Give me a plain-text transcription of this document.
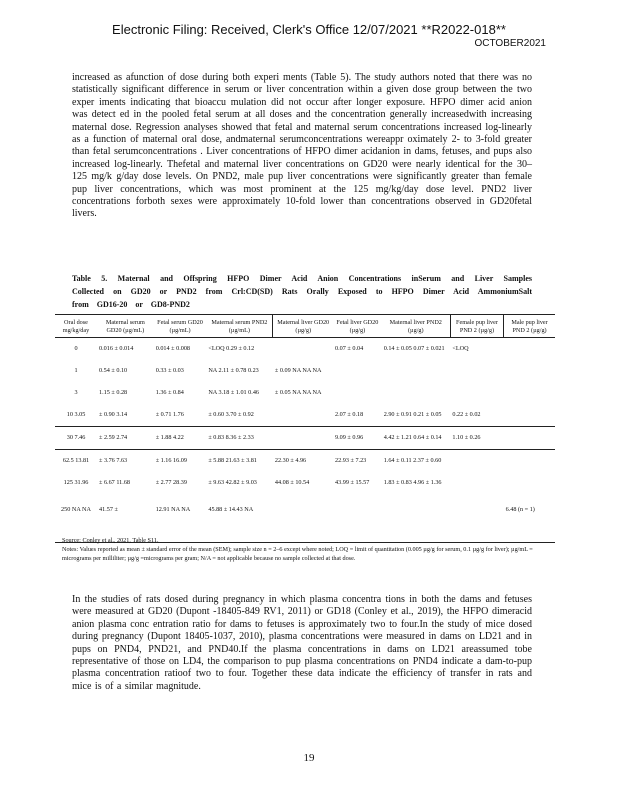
Electronic Filing: Received, Clerk's Office 12/07/2021 **R2022-018**
OCTOBER2021
increased as afunction of dose during both experi ments (Table 5). The study authors noted that there was no statistically significant difference in serum or liver concentration within a given dose group between the two exper iments indicating that bioaccu mulation did not occur after longer exposure. HFPO dimer acid anion was detect ed in the pooled fetal serum at all doses and the concentration generally increasedwith increasing maternal dose. Regression analyses showed that fetal and maternal serum concentrations increased log-linearly as a function of maternal oral dose, andmaternal serumconcentrations wereappr oximately 2- to 3-fold greater than fetal serumconcentrations . Liver concentrations of HFPO dimer acidanion in dams, fetuses, and pups also increased log-linearly. Thefetal and maternal liver concentrations on GD20 were nearly identical for the 30–125 mg/k g/day dose levels. On PND2, male pup liver concentrations were significantly greater than female pup liver concentrations, which was most prominent at the 125 mg/kg/day dose level. PND2 liver concentrations forboth sexes were approximately 10-fold lower than concentrations observed in GD20fetal livers.
Table 5. Maternal and Offspring HFPO Dimer Acid Anion Concentrations inSerum and Liver Samples Collected on GD20 or PND2 from Crl:CD(SD) Rats Orally Exposed to HFPO Dimer Acid AmmoniumSalt from GD16-20 or GD8-PND2
Oral dose mg/kg/day	Maternal serum GD20 (µg/mL)	Fetal serum GD20 (µg/mL)	Maternal serum PND2 (µg/mL)	Maternal liver GD20 (µg/g)	Fetal liver GD20 (µg/g)	Maternal liver PND2 (µg/g)	Female pup liver PND 2 (µg/g)	Male pup liver PND 2 (µg/g)
0	0.016 ± 0.014	0.014 ± 0.008	<LOQ 0.29 ± 0.12		0.07 ± 0.04	0.14 ± 0.05 0.07 ± 0.021	<LOQ	
1	0.54 ± 0.10	0.33 ± 0.03	NA 2.11 ± 0.78 0.23	± 0.09 NA NA NA				
3	1.15 ± 0.28	1.36 ± 0.84	NA 3.18 ± 1.01 0.46	± 0.05 NA NA NA				
10 3.05	± 0.90 3.14	± 0.71 1.76	± 0.60 3.70 ± 0.92		2.07 ± 0.18	2.90 ± 0.91 0.21 ± 0.05	0.22 ± 0.02	
30 7.46	± 2.59 2.74	± 1.88 4.22	± 0.83 8.36 ± 2.33		9.09 ± 0.96	4.42 ± 1.21 0.64 ± 0.14	1.10 ± 0.26	
62.5 13.81	± 3.76 7.63	± 1.16 16.09	± 5.88 21.63 ± 3.81	22.30 ± 4.96	22.93 ± 7.23	1.64 ± 0.11 2.37 ± 0.60		
125 31.96	± 6.67 11.68	± 2.77 28.39	± 9.63 42.82 ± 9.03	44.08 ± 10.54	43.99 ± 15.57	1.83 ± 0.83 4.96 ± 1.36		
250 NA NA	41.57 ±	12.91 NA NA	45.88 ± 14.43 NA					6.48 (n = 1)
Source: Conley et al., 2021, Table S11.
Notes: Values reported as mean ± standard error of the mean (SEM); sample size n = 2–6 except where noted; LOQ = limit of quantitation (0.005 µg/g for serum, 0.1 µg/g for liver); µg/mL = micrograms per milliliter; µg/g =micrograms per gram; N/A = not applicable because no sample collected at that dose.
In the studies of rats dosed during pregnancy in which plasma concentra tions in both the dams and fetuses were measured at GD20 (Dupont -18405-849 RV1, 2011) or GD18 (Conley et al., 2019), the HFPO dimeracid anion plasma conc entration ratio for dams to fetuses is approximately two to four.In the study of mice dosed during pregnancy (Dupont 18405-1037, 2010), plasma concentrations were measured in dams on LD21 and in pups on PND4, PND21, and PND40.If the plasma concentrations in dams on LD21 areassumed tobe representative of those on LD4, the comparison to pup plasma concentrations on PND4 indicate a dam-to-pup plasma concentration ratioof two to four. Together these data indicate the efficiency of transfer in rats and mice is of a similar magnitude.
19
